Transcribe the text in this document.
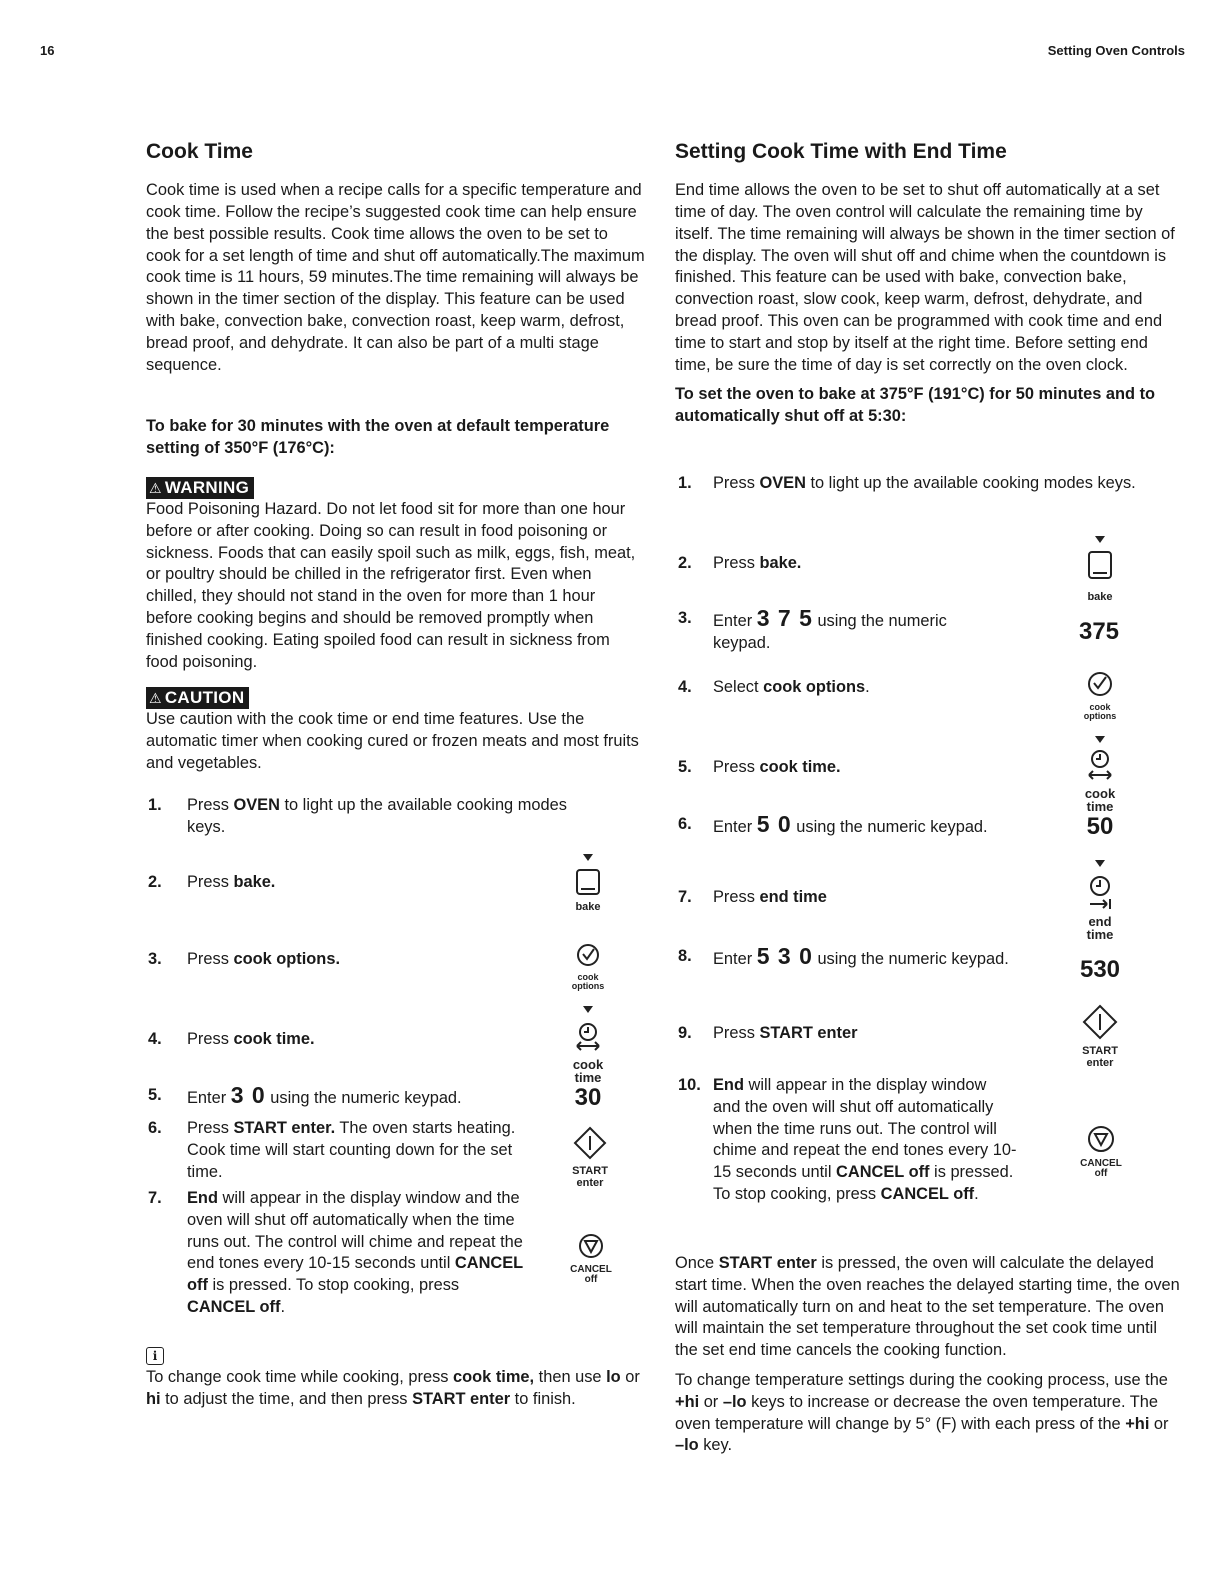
16	Setting Oven Controls
Cook Time

Cook time is used when a recipe calls for a specific temperature and cook time. Follow the recipe’s suggested cook time can help ensure the best possible results. Cook time allows the oven to be set to cook for a set length of time and shut off automatically.The maximum cook time is 11 hours, 59 minutes.The time remaining will always be shown in the timer section of the display. This feature can be used with bake, convection bake, convection roast, keep warm, defrost, bread proof, and dehydrate. It can also be part of a multi stage sequence.

To bake for 30 minutes with the oven at default temperature setting of 350°F (176°C):

⚠ WARNING

Food Poisoning Hazard. Do not let food sit for more than one hour before or after cooking. Doing so can result in food poisoning or sickness. Foods that can easily spoil such as milk, eggs, fish, meat, or poultry should be chilled in the refrigerator first. Even when chilled, they should not stand in the oven for more than 1 hour before cooking begins and should be removed promptly when finished cooking. Eating spoiled food can result in sickness from food poisoning.

⚠ CAUTION

Use caution with the cook time or end time features. Use the automatic timer when cooking cured or frozen meats and most fruits and vegetables.

1. Press OVEN to light up the available cooking modes keys.
2. Press bake.
3. Press cook options.
4. Press cook time.
5. Enter 3 0 using the numeric keypad.
6. Press START enter. The oven starts heating. Cook time will start counting down for the set time.
7. End will appear in the display window and the oven will shut off automatically when the time runs out. The control will chime and repeat the end tones every 10-15 seconds until CANCEL off is pressed. To stop cooking, press CANCEL off.
bake
cook
options
cook
time
30
START
enter
CANCEL
off
i

To change cook time while cooking, press cook time, then use lo or hi to adjust the time, and then press START enter to finish.

Setting Cook Time with End Time

End time allows the oven to be set to shut off automatically at a set time of day. The oven control will calculate the remaining time by itself. The time remaining will always be shown in the timer section of the display. The oven will shut off and chime when the countdown is finished. This feature can be used with bake, convection bake, convection roast, slow cook, keep warm, defrost, dehydrate, and bread proof. This oven can be programmed with cook time and end time to start and stop by itself at the right time. Before setting end time, be sure the time of day is set correctly on the oven clock.

To set the oven to bake at 375°F (191°C) for 50 minutes and to automatically shut off at 5:30:

1. Press OVEN to light up the available cooking modes keys.
2. Press bake.
3. Enter 3 7 5 using the numeric keypad.
4. Select cook options.
5. Press cook time.
6. Enter 5 0 using the numeric keypad.
7. Press end time
8. Enter 5 3 0 using the numeric keypad.
9. Press START enter
10. End will appear in the display window and the oven will shut off automatically when the time runs out. The control will chime and repeat the end tones every 10-15 seconds until CANCEL off is pressed. To stop cooking, press CANCEL off.
bake
375
cook
options
cook
time
50
end
time
530
START
enter
CANCEL
off

Once START enter is pressed, the oven will calculate the delayed start time. When the oven reaches the delayed starting time, the oven will automatically turn on and heat to the set temperature. The oven will maintain the set temperature throughout the set cook time until the set end time cancels the cooking function.

To change temperature settings during the cooking process, use the +hi or –lo keys to increase or decrease the oven temperature. The oven temperature will change by 5° (F) with each press of the +hi or –lo key.
